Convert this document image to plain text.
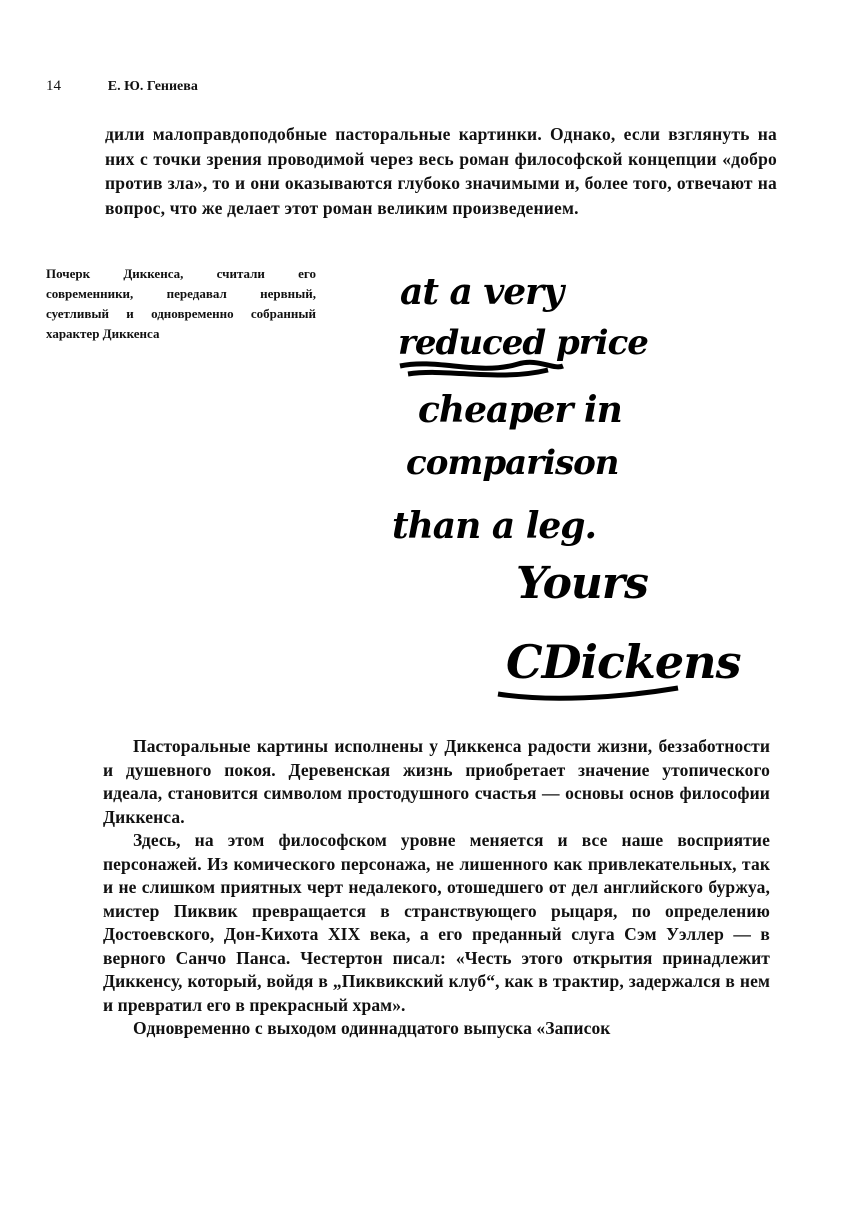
14	Е. Ю. Гениева
дили малоправдоподобные пасторальные картинки. Однако, если взглянуть на них с точки зрения проводимой через весь роман философской концепции «добро против зла», то и они оказываются глубоко значимыми и, более того, отвечают на вопрос, что же делает этот роман великим произведением.
Почерк Диккенса, считали его современники, передавал нервный, суетливый и одновременно собранный характер Диккенса
at a very
reduced price
cheaper in
comparison
than a leg.
Yours
CDickens

Пасторальные картины исполнены у Диккенса радости жизни, беззаботности и душевного покоя. Деревенская жизнь приобретает значение утопического идеала, становится символом простодушного счастья — основы основ философии Диккенса.

Здесь, на этом философском уровне меняется и все наше восприятие персонажей. Из комического персонажа, не лишенного как привлекательных, так и не слишком приятных черт недалекого, отошедшего от дел английского буржуа, мистер Пиквик превращается в странствующего рыцаря, по определению Достоевского, Дон-Кихота XIX века, а его преданный слуга Сэм Уэллер — в верного Санчо Панса. Честертон писал: «Честь этого открытия принадлежит Диккенсу, который, войдя в „Пиквикский клуб“, как в трактир, задержался в нем и превратил его в прекрасный храм».

Одновременно с выходом одиннадцатого выпуска «Записок
